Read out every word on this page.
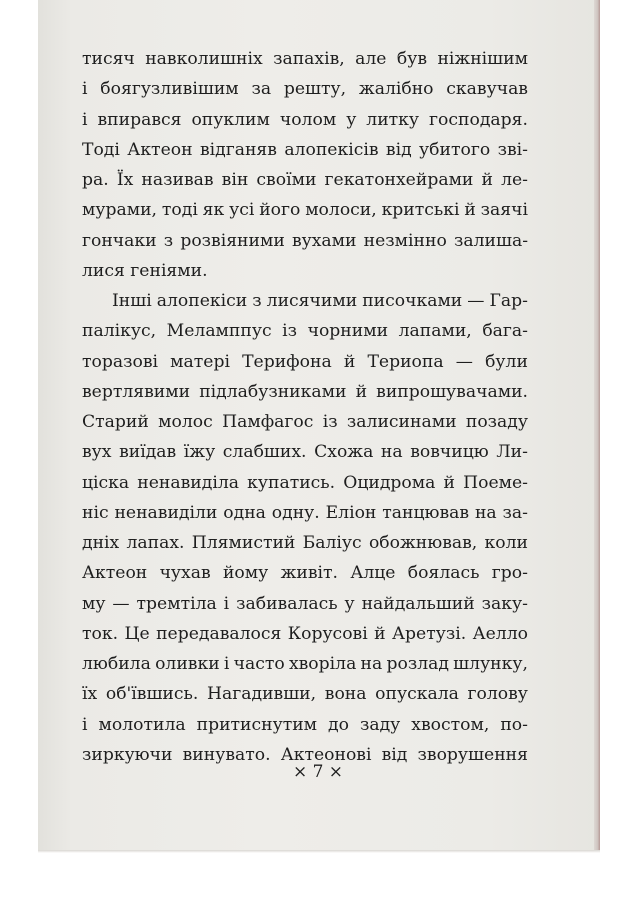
тисяч навколишніх запахів, але був ніжнішим
і боягузливішим за решту, жалібно скавучав
і впирався опуклим чолом у литку господаря.
Тоді Актеон відганяв алопекісів від убитого зві-
ра. Їх називав він своїми гекатонхейрами й ле-
мурами, тоді як усі його молоси, критські й заячі
гончаки з розвіяними вухами незмінно залиша-
лися геніями.
Інші алопекіси з лисячими писочками — Гар-
палікус, Меламппус із чорними лапами, бага-
торазові матері Терифона й Териопа — були
вертлявими підлабузниками й випрошувачами.
Старий молос Памфагос із залисинами позаду
вух виїдав їжу слабших. Схожа на вовчицю Ли-
ціска ненавиділа купатись. Оцидрома й Поеме-
ніс ненавиділи одна одну. Еліон танцював на за-
дніх лапах. Плямистий Баліус обожнював, коли
Актеон чухав йому живіт. Алце боялась гро-
му — тремтіла і забивалась у найдальший заку-
ток. Це передавалося Корусові й Аретузі. Аелло
любила оливки і часто хворіла на розлад шлунку,
їх об'ївшись. Нагадивши, вона опускала голову
і молотила притиснутим до заду хвостом, по-
зиркуючи винувато. Актеонові від зворушення
× 7 ×
